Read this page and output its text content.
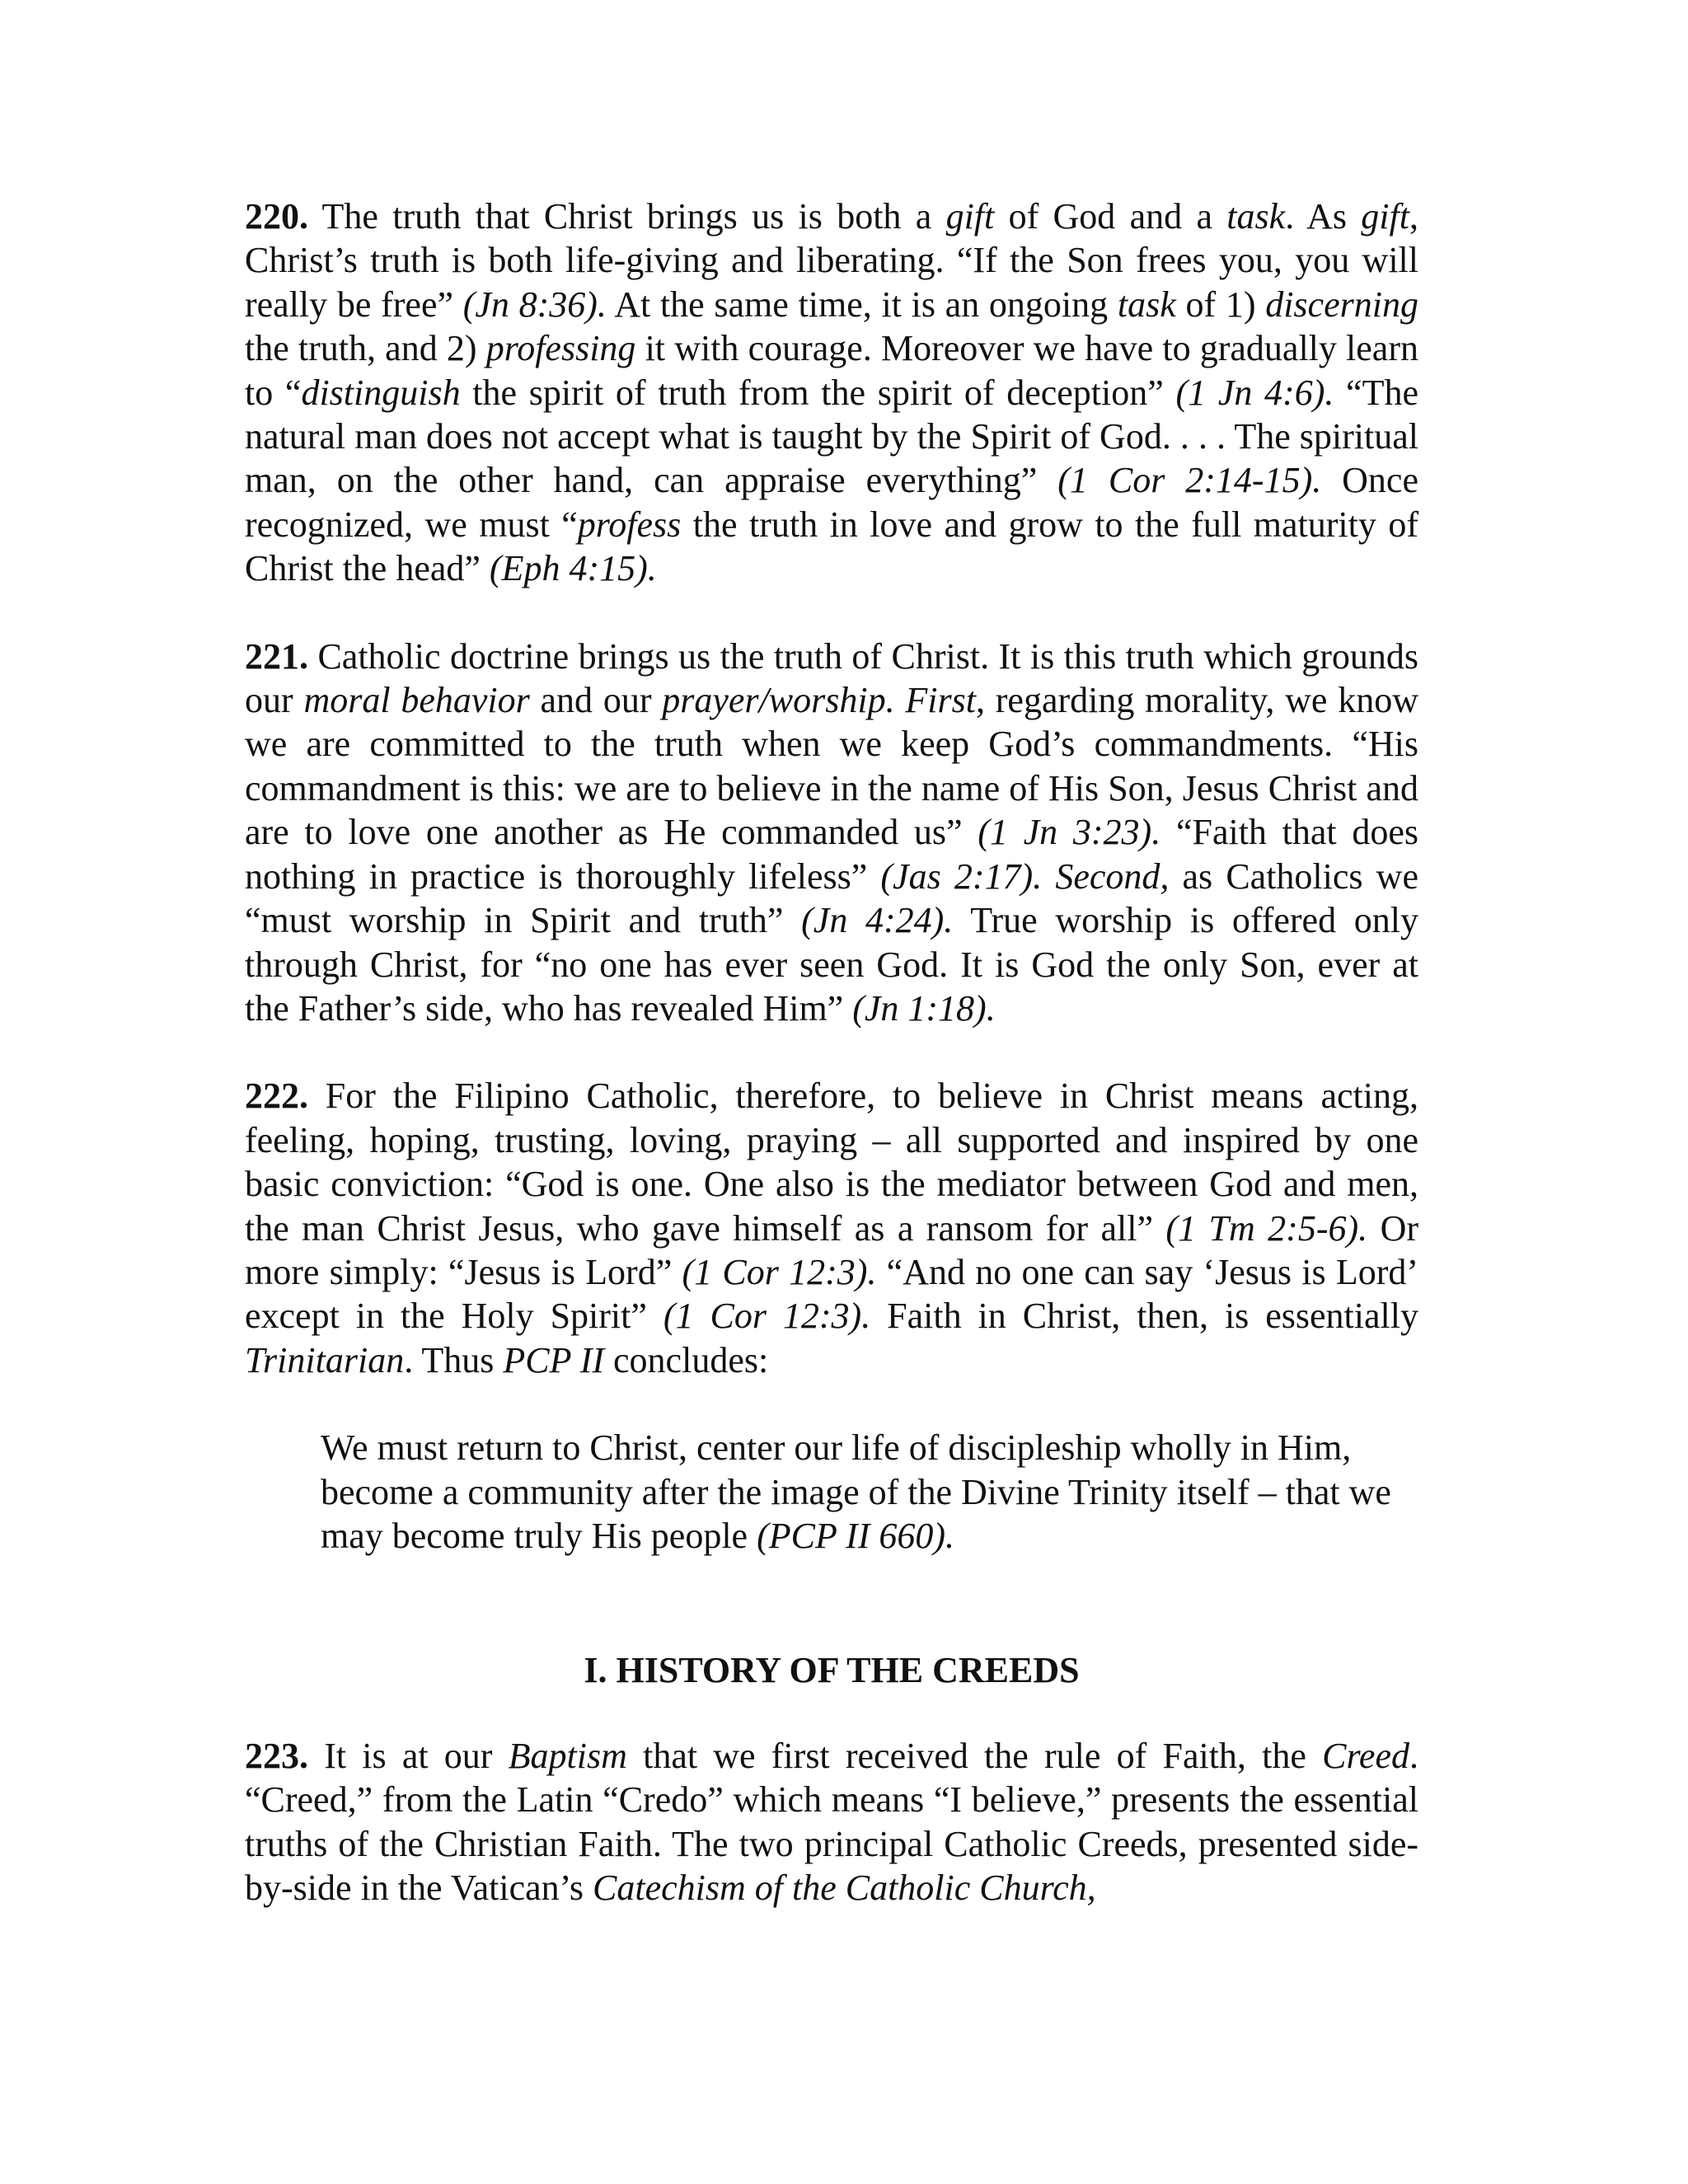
220. The truth that Christ brings us is both a gift of God and a task. As gift, Christ’s truth is both life-giving and liberating. “If the Son frees you, you will really be free” (Jn 8:36). At the same time, it is an ongoing task of 1) discerning the truth, and 2) professing it with courage. Moreover we have to gradually learn to “distinguish the spirit of truth from the spirit of deception” (1 Jn 4:6). “The natural man does not accept what is taught by the Spirit of God. . . . The spiritual man, on the other hand, can appraise everything” (1 Cor 2:14-15). Once recognized, we must “profess the truth in love and grow to the full maturity of Christ the head” (Eph 4:15).

221. Catholic doctrine brings us the truth of Christ. It is this truth which grounds our moral behavior and our prayer/worship. First, regarding morality, we know we are committed to the truth when we keep God’s commandments. “His commandment is this: we are to believe in the name of His Son, Jesus Christ and are to love one another as He commanded us” (1 Jn 3:23). “Faith that does nothing in practice is thoroughly lifeless” (Jas 2:17). Second, as Catholics we “must worship in Spirit and truth” (Jn 4:24). True worship is offered only through Christ, for “no one has ever seen God. It is God the only Son, ever at the Father’s side, who has revealed Him” (Jn 1:18).

222. For the Filipino Catholic, therefore, to believe in Christ means acting, feeling, hoping, trusting, loving, praying – all supported and inspired by one basic conviction: “God is one. One also is the mediator between God and men, the man Christ Jesus, who gave himself as a ransom for all” (1 Tm 2:5-6). Or more simply: “Jesus is Lord” (1 Cor 12:3). “And no one can say ‘Jesus is Lord’ except in the Holy Spirit” (1 Cor 12:3). Faith in Christ, then, is essentially Trinitarian. Thus PCP II concludes:

We must return to Christ, center our life of discipleship wholly in Him, become a community after the image of the Divine Trinity itself – that we may become truly His people (PCP II 660).
I. HISTORY OF THE CREEDS

223. It is at our Baptism that we first received the rule of Faith, the Creed. “Creed,” from the Latin “Credo” which means “I believe,” presents the essential truths of the Christian Faith. The two principal Catholic Creeds, presented side-by-side in the Vatican’s Catechism of the Catholic Church,
